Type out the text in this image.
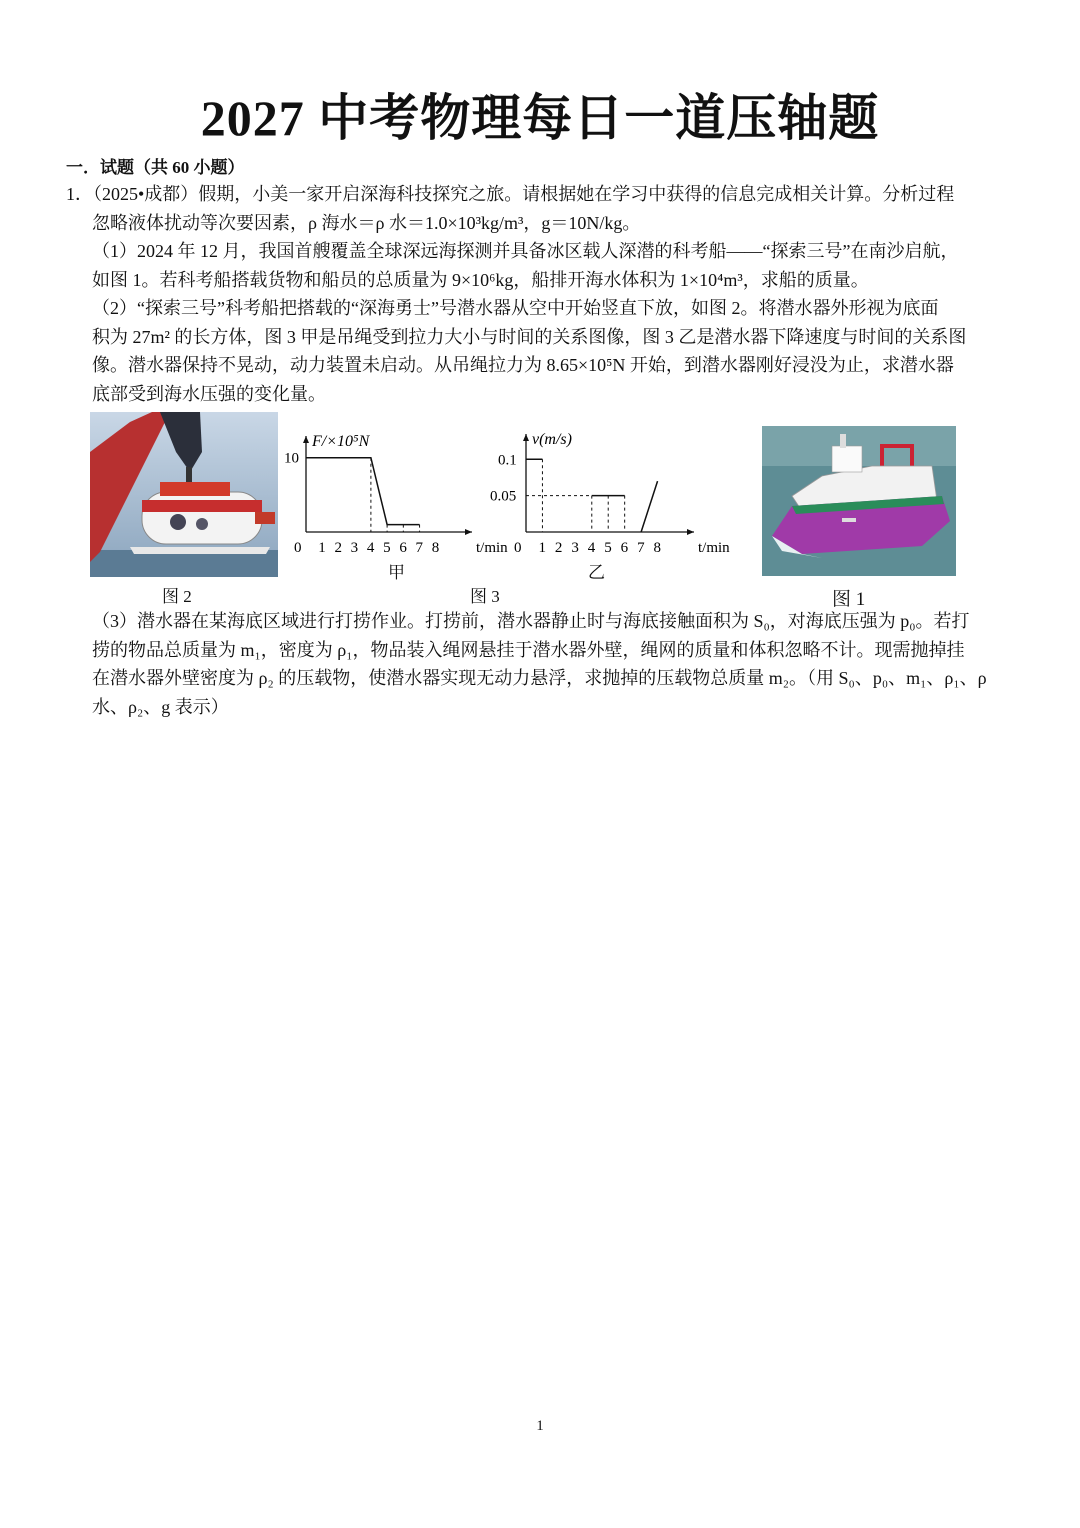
2027 中考物理每日一道压轴题

一．试题（共 60 小题）

1．（2025•成都）假期，小美一家开启深海科技探究之旅。请根据她在学习中获得的信息完成相关计算。分析过程

忽略液体扰动等次要因素，ρ 海水＝ρ 水＝1.0×10³kg/m³，g＝10N/kg。

（1）2024 年 12 月，我国首艘覆盖全球深远海探测并具备冰区载人深潜的科考船——“探索三号”在南沙启航，

如图 1。若科考船搭载货物和船员的总质量为 9×10⁶kg，船排开海水体积为 1×10⁴m³，求船的质量。

（2）“探索三号”科考船把搭载的“深海勇士”号潜水器从空中开始竖直下放，如图 2。将潜水器外形视为底面

积为 27m² 的长方体，图 3 甲是吊绳受到拉力大小与时间的关系图像，图 3 乙是潜水器下降速度与时间的关系图

像。潜水器保持不晃动，动力装置未启动。从吊绳拉力为 8.65×10⁵N 开始，到潜水器刚好浸没为止，求潜水器

底部受到海水压强的变化量。

图 2
F/×10⁵N
t/min
0 1 2 3 4 5 6 7 8
10
甲
v(m/s)
t/min
0 1 2 3 4 5 6 7 8
0.1
0.05
乙
图 3	图 1

（3）潜水器在某海底区域进行打捞作业。打捞前，潜水器静止时与海底接触面积为 S₀，对海底压强为 p₀。若打

捞的物品总质量为 m₁，密度为 ρ₁，物品装入绳网悬挂于潜水器外壁，绳网的质量和体积忽略不计。现需抛掉挂

在潜水器外壁密度为 ρ₂ 的压载物，使潜水器实现无动力悬浮，求抛掉的压载物总质量 m₂。（用 S₀、p₀、m₁、ρ₁、ρ

水、ρ₂、g 表示）

1
